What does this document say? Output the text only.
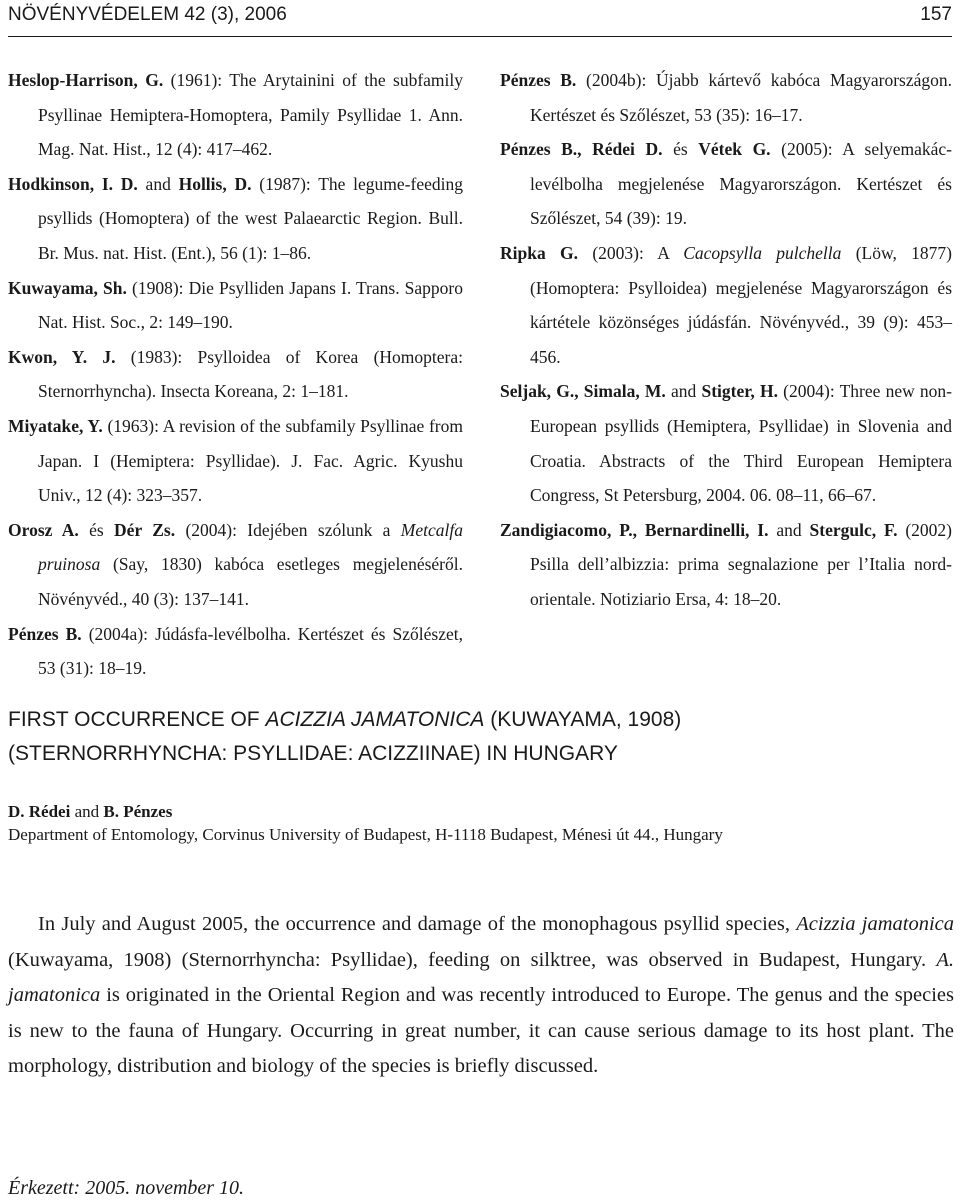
NÖVÉNYVÉDELEM 42 (3), 2006	157

Heslop-Harrison, G. (1961): The Arytainini of the subfamily Psyllinae Hemiptera-Homoptera, Pamily Psyllidae 1. Ann. Mag. Nat. Hist., 12 (4): 417–462.

Hodkinson, I. D. and Hollis, D. (1987): The legume-feeding psyllids (Homoptera) of the west Palaearctic Region. Bull. Br. Mus. nat. Hist. (Ent.), 56 (1): 1–86.

Kuwayama, Sh. (1908): Die Psylliden Japans I. Trans. Sapporo Nat. Hist. Soc., 2: 149–190.

Kwon, Y. J. (1983): Psylloidea of Korea (Homoptera: Sternorrhyncha). Insecta Koreana, 2: 1–181.

Miyatake, Y. (1963): A revision of the subfamily Psyllinae from Japan. I (Hemiptera: Psyllidae). J. Fac. Agric. Kyushu Univ., 12 (4): 323–357.

Orosz A. és Dér Zs. (2004): Idejében szólunk a Metcalfa pruinosa (Say, 1830) kabóca esetleges megjelenéséről. Növényvéd., 40 (3): 137–141.

Pénzes B. (2004a): Júdásfa-levélbolha. Kertészet és Szőlészet, 53 (31): 18–19.

Pénzes B. (2004b): Újabb kártevő kabóca Magyarországon. Kertészet és Szőlészet, 53 (35): 16–17.

Pénzes B., Rédei D. és Vétek G. (2005): A selyemakác-levélbolha megjelenése Magyarországon. Kertészet és Szőlészet, 54 (39): 19.

Ripka G. (2003): A Cacopsylla pulchella (Löw, 1877) (Homoptera: Psylloidea) megjelenése Magyarországon és kártétele közönséges júdásfán. Növényvéd., 39 (9): 453–456.

Seljak, G., Simala, M. and Stigter, H. (2004): Three new non-European psyllids (Hemiptera, Psyllidae) in Slovenia and Croatia. Abstracts of the Third European Hemiptera Congress, St Petersburg, 2004. 06. 08–11, 66–67.

Zandigiacomo, P., Bernardinelli, I. and Stergulc, F. (2002) Psilla dell’albizzia: prima segnalazione per l’Italia nord- orientale. Notiziario Ersa, 4: 18–20.

FIRST OCCURRENCE OF ACIZZIA JAMATONICA (KUWAYAMA, 1908)
(STERNORRHYNCHA: PSYLLIDAE: ACIZZIINAE) IN HUNGARY
D. Rédei and B. Pénzes
Department of Entomology, Corvinus University of Budapest, H-1118 Budapest, Ménesi út 44., Hungary

In July and August 2005, the occurrence and damage of the monophagous psyllid species, Acizzia jamatonica (Kuwayama, 1908) (Sternorrhyncha: Psyllidae), feeding on silktree, was observed in Budapest, Hungary. A. jamatonica is originated in the Oriental Region and was recently introduced to Europe. The genus and the species is new to the fauna of Hungary. Occurring in great number, it can cause serious damage to its host plant. The morphology, distribution and biology of the species is briefly discussed.

Érkezett: 2005. november 10.
